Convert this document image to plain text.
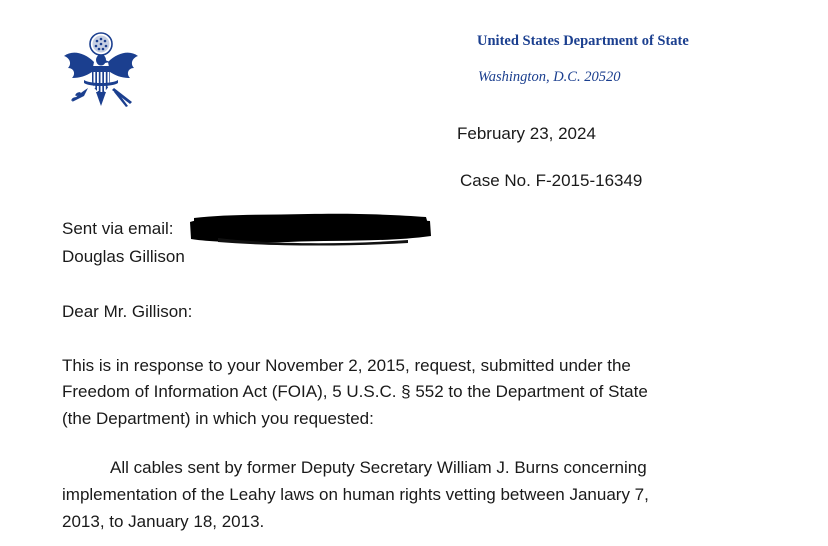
United States Department of State
Washington, D.C. 20520
February 23, 2024
Case No. F-2015-16349
Sent via email:
Douglas Gillison
Dear Mr. Gillison:
This is in response to your November 2, 2015, request, submitted under the
Freedom of Information Act (FOIA), 5 U.S.C. § 552 to the Department of State
(the Department) in which you requested:
All cables sent by former Deputy Secretary William J. Burns concerning
implementation of the Leahy laws on human rights vetting between January 7,
2013, to January 18, 2013.
